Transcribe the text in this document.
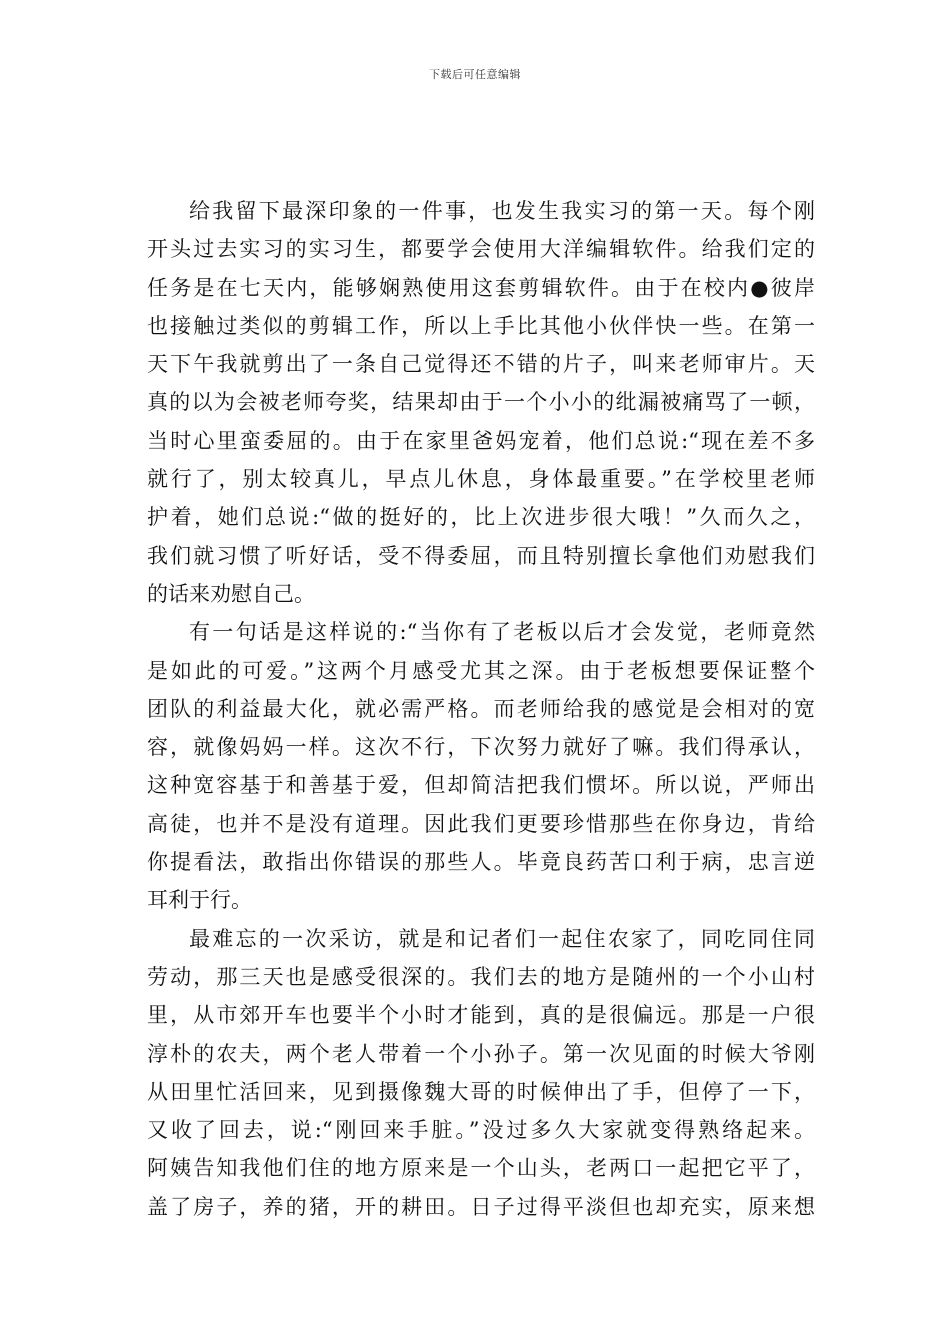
下载后可任意编辑
给我留下最深印象的一件事，也发生我实习的第一天。每个刚
开头过去实习的实习生，都要学会使用大洋编辑软件。给我们定的
任务是在七天内，能够娴熟使用这套剪辑软件。由于在校内●彼岸
也接触过类似的剪辑工作，所以上手比其他小伙伴快一些。在第一
天下午我就剪出了一条自己觉得还不错的片子，叫来老师审片。天
真的以为会被老师夸奖，结果却由于一个小小的纰漏被痛骂了一顿，
当时心里蛮委屈的。由于在家里爸妈宠着，他们总说:“现在差不多
就行了，别太较真儿，早点儿休息，身体最重要。”在学校里老师
护着，她们总说:“做的挺好的，比上次进步很大哦！”久而久之，
我们就习惯了听好话，受不得委屈，而且特别擅长拿他们劝慰我们
的话来劝慰自己。
有一句话是这样说的:“当你有了老板以后才会发觉，老师竟然
是如此的可爱。”这两个月感受尤其之深。由于老板想要保证整个
团队的利益最大化，就必需严格。而老师给我的感觉是会相对的宽
容，就像妈妈一样。这次不行，下次努力就好了嘛。我们得承认，
这种宽容基于和善基于爱，但却简洁把我们惯坏。所以说，严师出
高徒，也并不是没有道理。因此我们更要珍惜那些在你身边，肯给
你提看法，敢指出你错误的那些人。毕竟良药苦口利于病，忠言逆
耳利于行。
最难忘的一次采访，就是和记者们一起住农家了，同吃同住同
劳动，那三天也是感受很深的。我们去的地方是随州的一个小山村
里，从市郊开车也要半个小时才能到，真的是很偏远。那是一户很
淳朴的农夫，两个老人带着一个小孙子。第一次见面的时候大爷刚
从田里忙活回来，见到摄像魏大哥的时候伸出了手，但停了一下，
又收了回去，说:“刚回来手脏。”没过多久大家就变得熟络起来。
阿姨告知我他们住的地方原来是一个山头，老两口一起把它平了，
盖了房子，养的猪，开的耕田。日子过得平淡但也却充实，原来想
